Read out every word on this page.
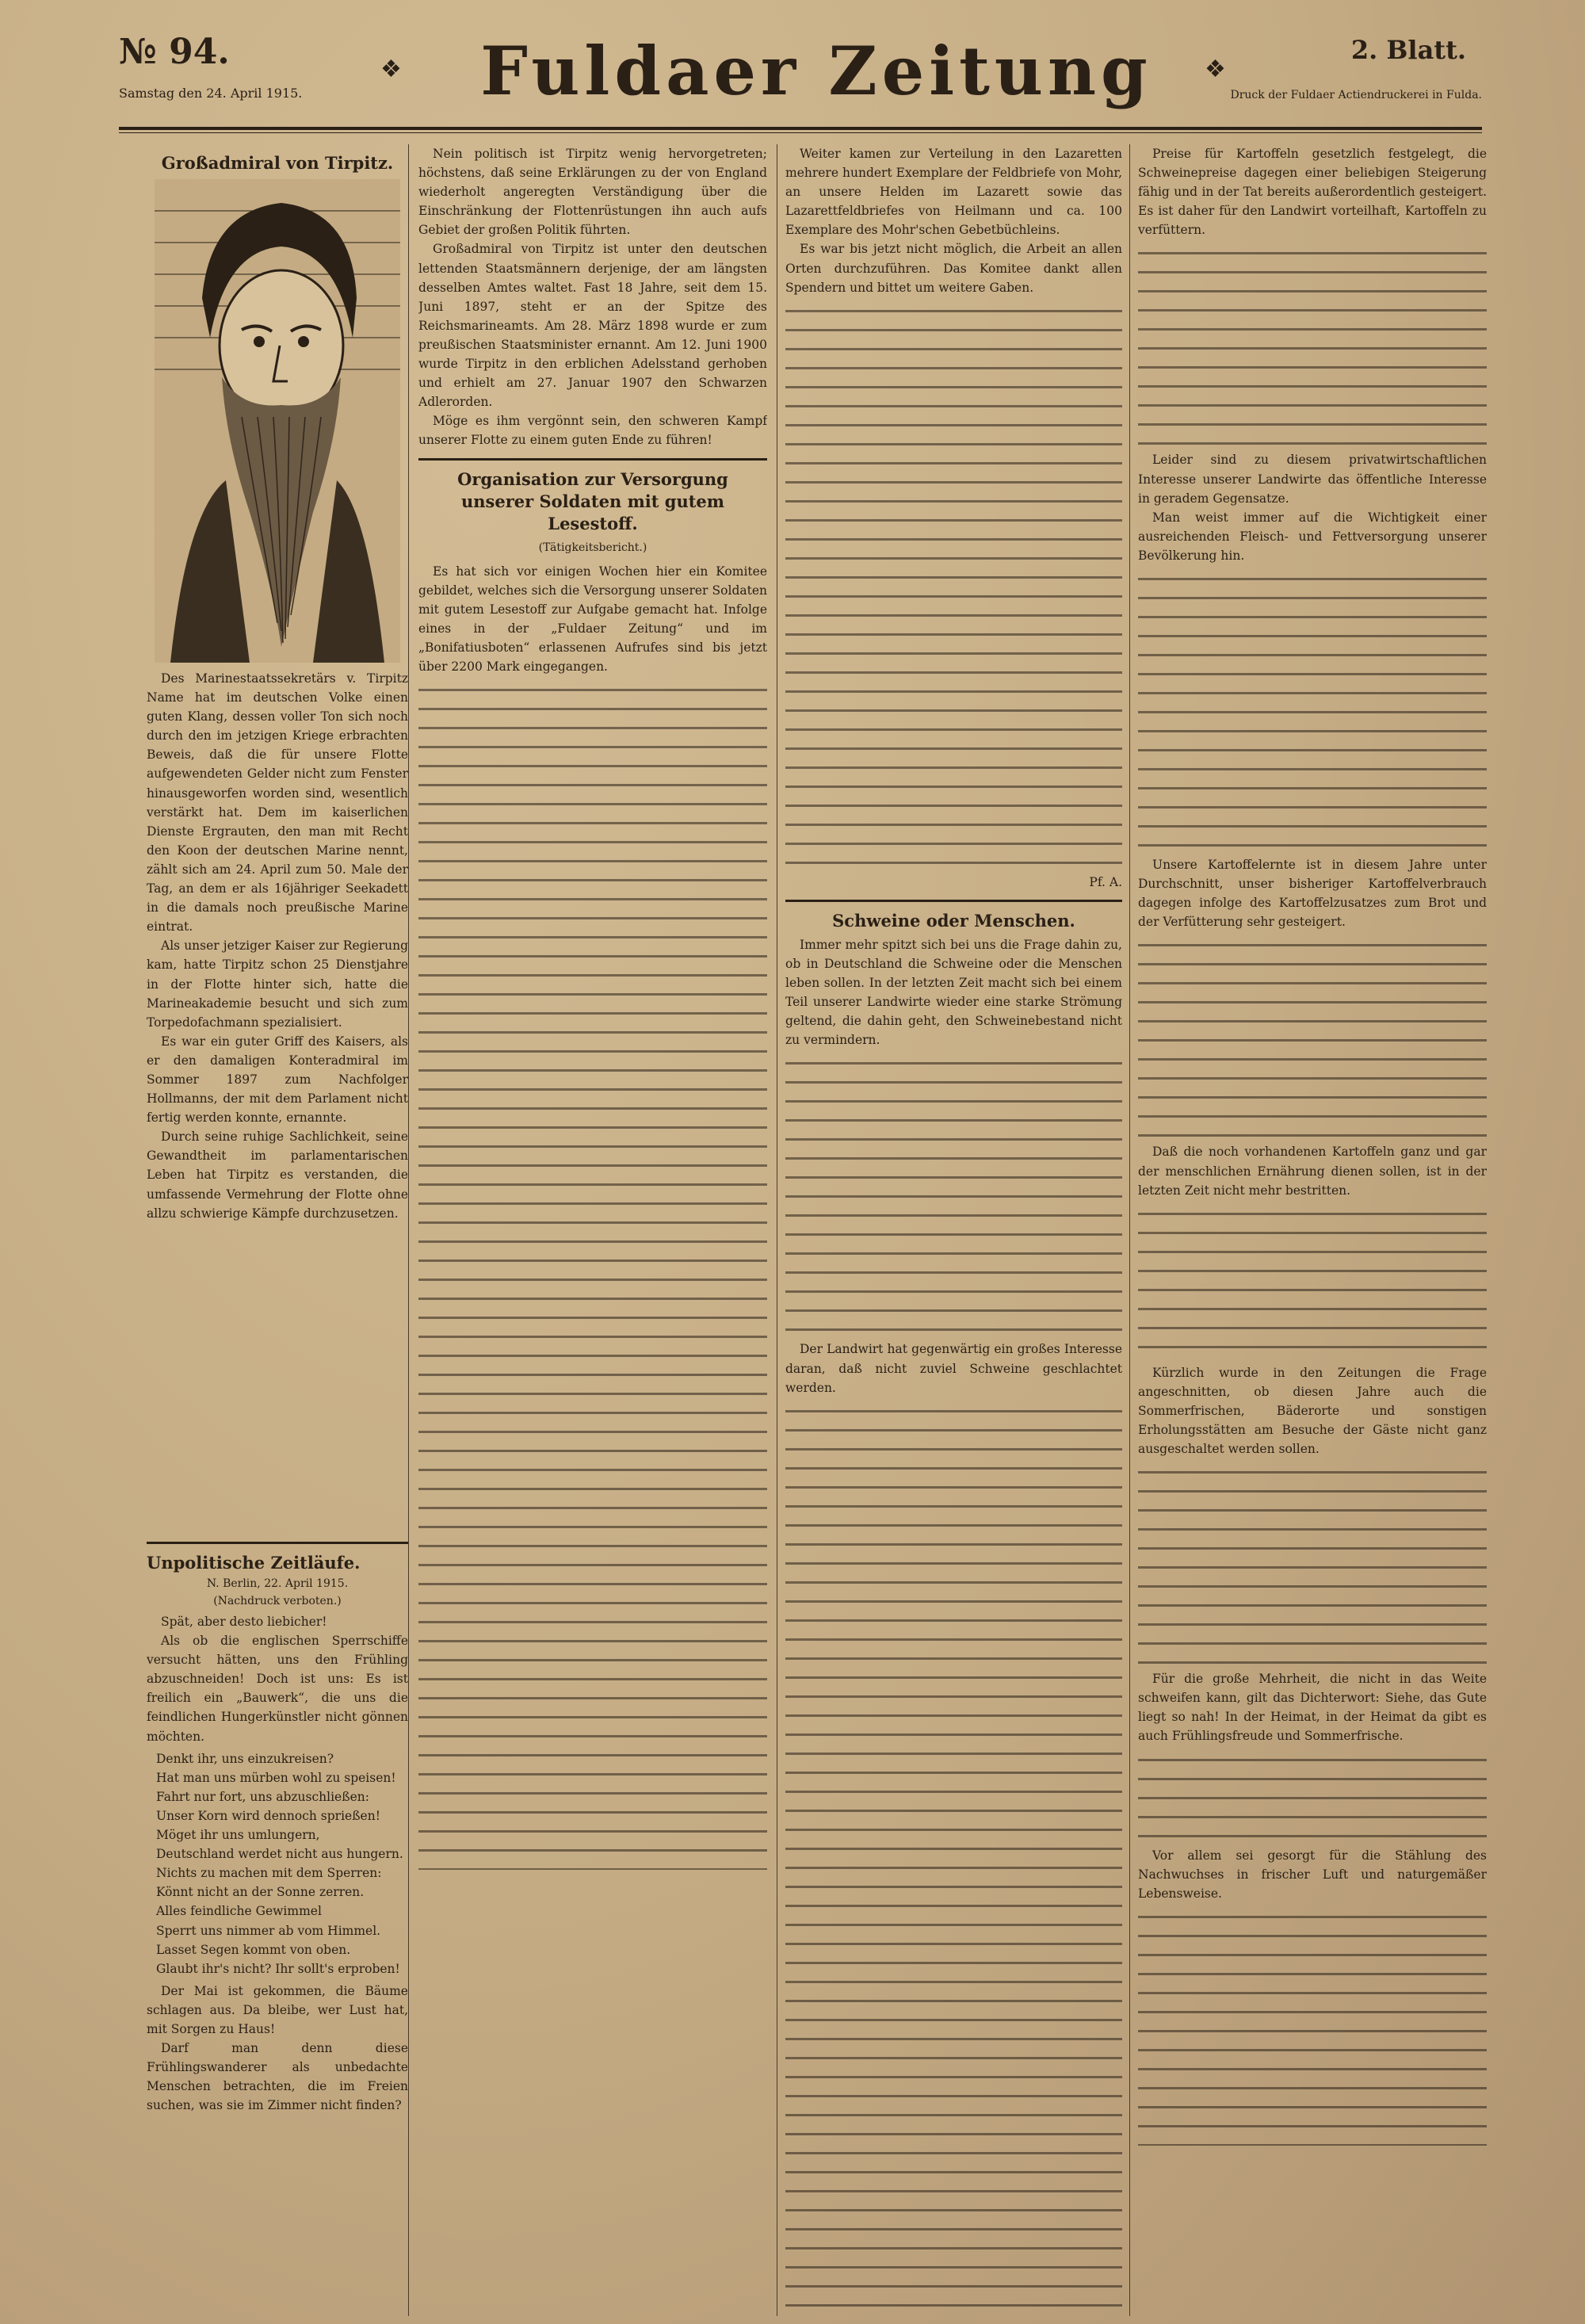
№ 94.
Samstag den 24. April 1915.
❖	Fuldaer Zeitung	❖
2. Blatt.
Druck der Fuldaer Actiendruckerei in Fulda.
Großadmiral von Tirpitz.
Des Marinestaatssekretärs v. Tirpitz Name hat im deutschen Volke einen guten Klang, dessen voller Ton sich noch durch den im jetzigen Kriege erbrachten Beweis, daß die für unsere Flotte aufgewendeten Gelder nicht zum Fenster hinausgeworfen worden sind, wesentlich verstärkt hat. Dem im kaiserlichen Dienste Ergrauten, den man mit Recht den Koon der deutschen Marine nennt, zählt sich am 24. April zum 50. Male der Tag, an dem er als 16jähriger Seekadett in die damals noch preußische Marine eintrat.
Als unser jetziger Kaiser zur Regierung kam, hatte Tirpitz schon 25 Dienstjahre in der Flotte hinter sich, hatte die Marineakademie besucht und sich zum Torpedofachmann spezialisiert.
Es war ein guter Griff des Kaisers, als er den damaligen Konteradmiral im Sommer 1897 zum Nachfolger Hollmanns, der mit dem Parlament nicht fertig werden konnte, ernannte.
Durch seine ruhige Sachlichkeit, seine Gewandtheit im parlamentarischen Leben hat Tirpitz es verstanden, die umfassende Vermehrung der Flotte ohne allzu schwierige Kämpfe durchzusetzen.
Unpolitische Zeitläufe.
N. Berlin, 22. April 1915.
(Nachdruck verboten.)
Spät, aber desto liebicher!
Als ob die englischen Sperrschiffe versucht hätten, uns den Frühling abzuschneiden! Doch ist uns: Es ist freilich ein „Bauwerk“, die uns die feindlichen Hungerkünstler nicht gönnen möchten.
Denkt ihr, uns einzukreisen?
Hat man uns mürben wohl zu speisen!
Fahrt nur fort, uns abzuschließen:
Unser Korn wird dennoch sprießen!
Möget ihr uns umlungern,
Deutschland werdet nicht aus hungern.
Nichts zu machen mit dem Sperren:
Könnt nicht an der Sonne zerren.
Alles feindliche Gewimmel
Sperrt uns nimmer ab vom Himmel.
Lasset Segen kommt von oben.
Glaubt ihr's nicht? Ihr sollt's erproben!
Der Mai ist gekommen, die Bäume schlagen aus. Da bleibe, wer Lust hat, mit Sorgen zu Haus!
Darf man denn diese Frühlingswanderer als unbedachte Menschen betrachten, die im Freien suchen, was sie im Zimmer nicht finden?
Nein politisch ist Tirpitz wenig hervorgetreten; höchstens, daß seine Erklärungen zu der von England wiederholt angeregten Verständigung über die Einschränkung der Flottenrüstungen ihn auch aufs Gebiet der großen Politik führten.
Großadmiral von Tirpitz ist unter den deutschen lettenden Staatsmännern derjenige, der am längsten desselben Amtes waltet. Fast 18 Jahre, seit dem 15. Juni 1897, steht er an der Spitze des Reichsmarineamts. Am 28. März 1898 wurde er zum preußischen Staatsminister ernannt. Am 12. Juni 1900 wurde Tirpitz in den erblichen Adelsstand gerhoben und erhielt am 27. Januar 1907 den Schwarzen Adlerorden.
Möge es ihm vergönnt sein, den schweren Kampf unserer Flotte zu einem guten Ende zu führen!
Organisation zur Versorgung unserer Soldaten mit gutem Lesestoff.
(Tätigkeitsbericht.)
Es hat sich vor einigen Wochen hier ein Komitee gebildet, welches sich die Versorgung unserer Soldaten mit gutem Lesestoff zur Aufgabe gemacht hat. Infolge eines in der „Fuldaer Zeitung“ und im „Bonifatiusboten“ erlassenen Aufrufes sind bis jetzt über 2200 Mark eingegangen.
Weiter kamen zur Verteilung in den Lazaretten mehrere hundert Exemplare der Feldbriefe von Mohr, an unsere Helden im Lazarett sowie das Lazarettfeldbriefes von Heilmann und ca. 100 Exemplare des Mohr'schen Gebetbüchleins.
Es war bis jetzt nicht möglich, die Arbeit an allen Orten durchzuführen. Das Komitee dankt allen Spendern und bittet um weitere Gaben.
Pf. A.
Schweine oder Menschen.
Immer mehr spitzt sich bei uns die Frage dahin zu, ob in Deutschland die Schweine oder die Menschen leben sollen. In der letzten Zeit macht sich bei einem Teil unserer Landwirte wieder eine starke Strömung geltend, die dahin geht, den Schweinebestand nicht zu vermindern.
Der Landwirt hat gegenwärtig ein großes Interesse daran, daß nicht zuviel Schweine geschlachtet werden.
Preise für Kartoffeln gesetzlich festgelegt, die Schweinepreise dagegen einer beliebigen Steigerung fähig und in der Tat bereits außerordentlich gesteigert. Es ist daher für den Landwirt vorteilhaft, Kartoffeln zu verfüttern.
Leider sind zu diesem privatwirtschaftlichen Interesse unserer Landwirte das öffentliche Interesse in geradem Gegensatze.
Man weist immer auf die Wichtigkeit einer ausreichenden Fleisch- und Fettversorgung unserer Bevölkerung hin.
Unsere Kartoffelernte ist in diesem Jahre unter Durchschnitt, unser bisheriger Kartoffelverbrauch dagegen infolge des Kartoffelzusatzes zum Brot und der Verfütterung sehr gesteigert.
Daß die noch vorhandenen Kartoffeln ganz und gar der menschlichen Ernährung dienen sollen, ist in der letzten Zeit nicht mehr bestritten.
Kürzlich wurde in den Zeitungen die Frage angeschnitten, ob diesen Jahre auch die Sommerfrischen, Bäderorte und sonstigen Erholungsstätten am Besuche der Gäste nicht ganz ausgeschaltet werden sollen.
Für die große Mehrheit, die nicht in das Weite schweifen kann, gilt das Dichterwort: Siehe, das Gute liegt so nah! In der Heimat, in der Heimat da gibt es auch Frühlingsfreude und Sommerfrische.
Vor allem sei gesorgt für die Stählung des Nachwuchses in frischer Luft und naturgemäßer Lebensweise.
